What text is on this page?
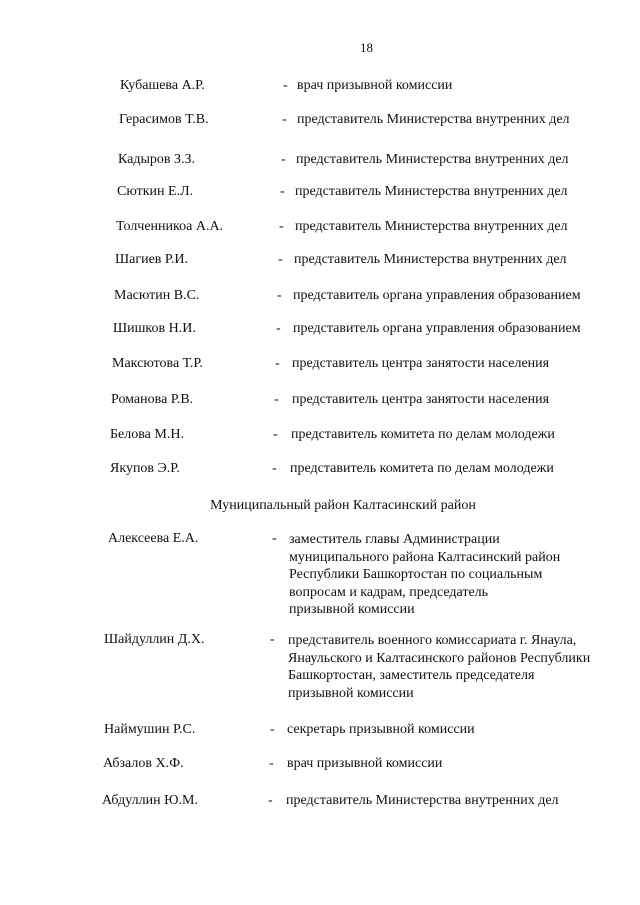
18
Кубашева А.Р.	- врач призывной комиссии
Герасимов Т.В.	- представитель Министерства внутренних дел
Кадыров З.З.	- представитель Министерства внутренних дел
Сюткин Е.Л.	- представитель Министерства внутренних дел
Толченникоа А.А.	- представитель Министерства внутренних дел
Шагиев Р.И.	- представитель Министерства внутренних дел
Масютин В.С.	- представитель органа управления образованием
Шишков Н.И.	- представитель органа управления образованием
Максютова Т.Р.	- представитель центра занятости населения
Романова Р.В.	- представитель центра занятости населения
Белова М.Н.	- представитель комитета по делам молодежи
Якупов Э.Р.	- представитель комитета по делам молодежи
Муниципальный район Калтасинский район
Алексеева Е.А.	- заместитель главы Администрации
муниципального района Калтасинский район
Республики Башкортостан по социальным
вопросам и кадрам, председатель
призывной комиссии
Шайдуллин Д.Х.	- представитель военного комиссариата г. Янаула,
Янаульского и Калтасинского районов Республики
Башкортостан, заместитель председателя
призывной комиссии
Наймушин Р.С.	- секретарь призывной комиссии
Абзалов Х.Ф.	- врач призывной комиссии
Абдуллин Ю.М.	- представитель Министерства внутренних дел
